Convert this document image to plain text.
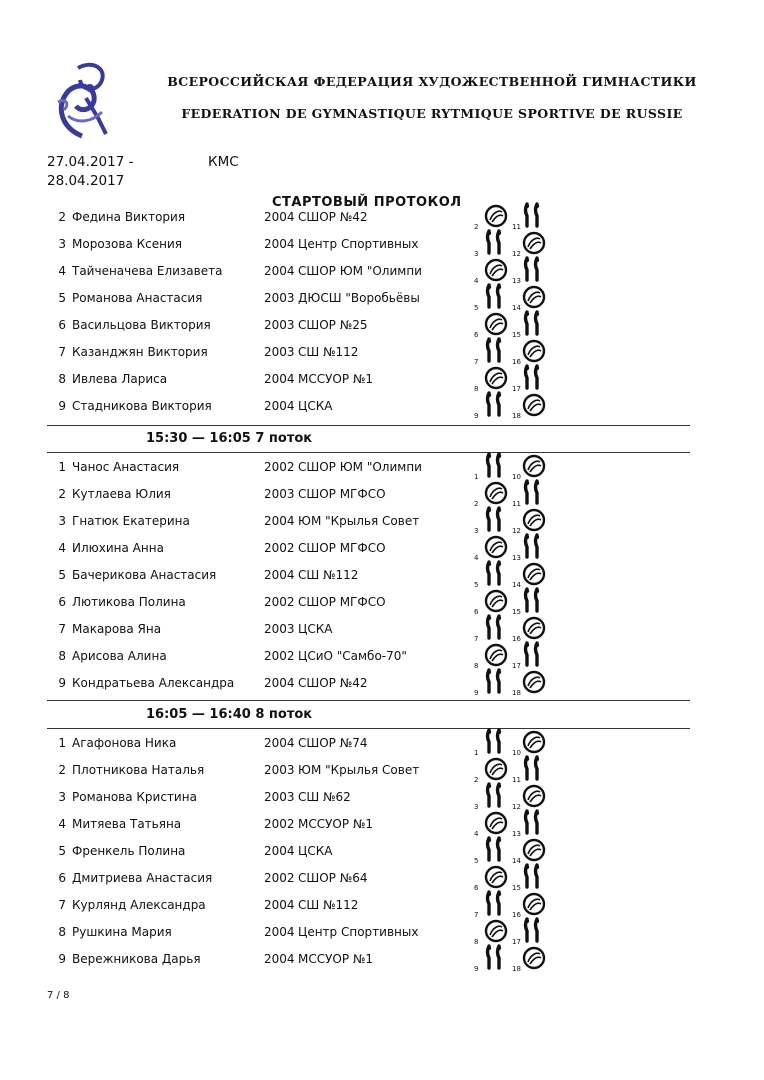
ВСЕРОССИЙСКАЯ ФЕДЕРАЦИЯ ХУДОЖЕСТВЕННОЙ ГИМНАСТИКИ
FEDERATION DE GYMNASTIQUE RYTMIQUE SPORTIVE DE RUSSIE
27.04.2017 -
28.04.2017
КМС
СТАРТОВЫЙ ПРОТОКОЛ
2 Федина Виктория	2004 СШОР №42
2	11
3 Морозова Ксения	2004 Центр Спортивных
3	12
4 Тайченачева Елизавета	2004 СШОР ЮМ "Олимпи
4	13
5 Романова Анастасия	2003 ДЮСШ "Воробьёвы
5	14
6 Васильцова Виктория	2003 СШОР №25
6	15
7 Казанджян Виктория	2003 СШ №112
7	16
8 Ивлева Лариса	2004 МССУОР №1
8	17
9 Стадникова Виктория	2004 ЦСКА
9	18
15:30 — 16:05 7 поток
1 Чанос Анастасия	2002 СШОР ЮМ "Олимпи
1	10
2 Кутлаева Юлия	2003 СШОР МГФСО
2	11
3 Гнатюк Екатерина	2004 ЮМ "Крылья Совет
3	12
4 Илюхина Анна	2002 СШОР МГФСО
4	13
5 Бачерикова Анастасия	2004 СШ №112
5	14
6 Лютикова Полина	2002 СШОР МГФСО
6	15
7 Макарова Яна	2003 ЦСКА
7	16
8 Арисова Алина	2002 ЦСиО "Самбо-70"
8	17
9 Кондратьева Александра 2004 СШОР №42
9	18
16:05 — 16:40 8 поток
1 Агафонова Ника	2004 СШОР №74
1	10
2 Плотникова Наталья	2003 ЮМ "Крылья Совет
2	11
3 Романова Кристина	2003 СШ №62
3	12
4 Митяева Татьяна	2002 МССУОР №1
4	13
5 Френкель Полина	2004 ЦСКА
5	14
6 Дмитриева Анастасия	2002 СШОР №64
6	15
7 Курлянд Александра	2004 СШ №112
7	16
8 Рушкина Мария	2004 Центр Спортивных
8	17
9 Вережникова Дарья	2004 МССУОР №1
9	18
7 / 8
